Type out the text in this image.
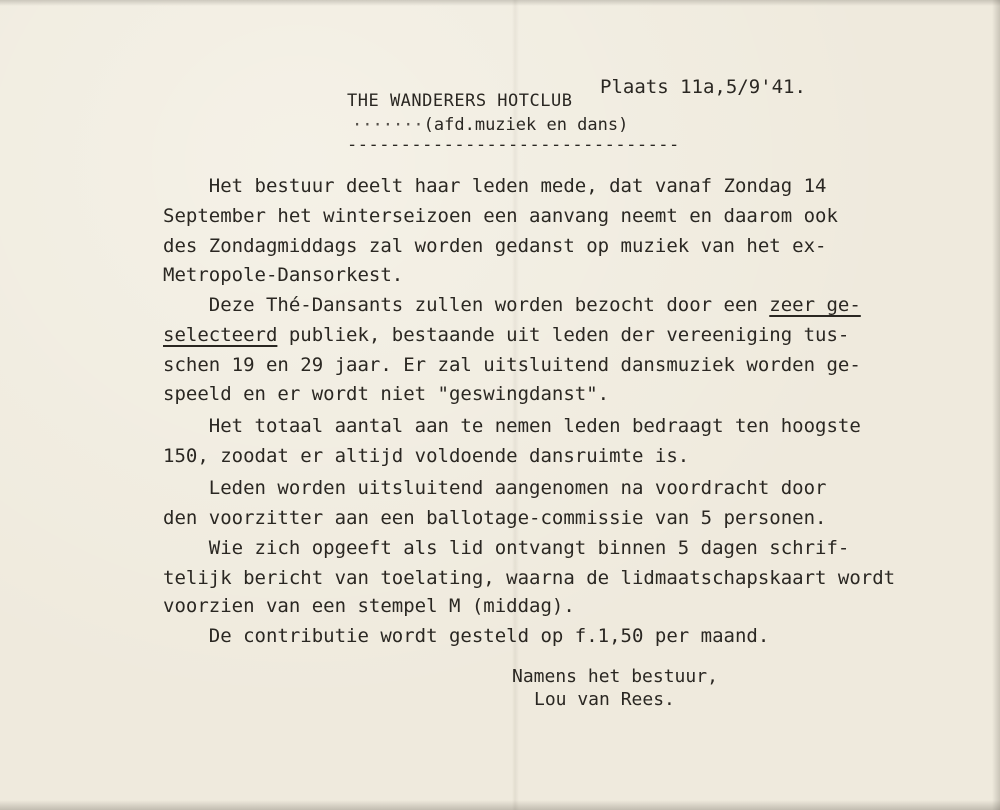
Plaats 11a,5/9'41.

THE WANDERERS HOTCLUB

·······(afd.muziek en dans)

-------------------------------

Het bestuur deelt haar leden mede, dat vanaf Zondag 14

September het winterseizoen een aanvang neemt en daarom ook

des Zondagmiddags zal worden gedanst op muziek van het ex-

Metropole-Dansorkest.

Deze Thé-Dansants zullen worden bezocht door een zeer ge-

selecteerd publiek, bestaande uit leden der vereeniging tus-

schen 19 en 29 jaar. Er zal uitsluitend dansmuziek worden ge-

speeld en er wordt niet "geswingdanst".

Het totaal aantal aan te nemen leden bedraagt ten hoogste

150, zoodat er altijd voldoende dansruimte is.

Leden worden uitsluitend aangenomen na voordracht door

den voorzitter aan een ballotage-commissie van 5 personen.

Wie zich opgeeft als lid ontvangt binnen 5 dagen schrif-

telijk bericht van toelating, waarna de lidmaatschapskaart wordt

voorzien van een stempel M (middag).

De contributie wordt gesteld op f.1,50 per maand.

Namens het bestuur,

Lou van Rees.
